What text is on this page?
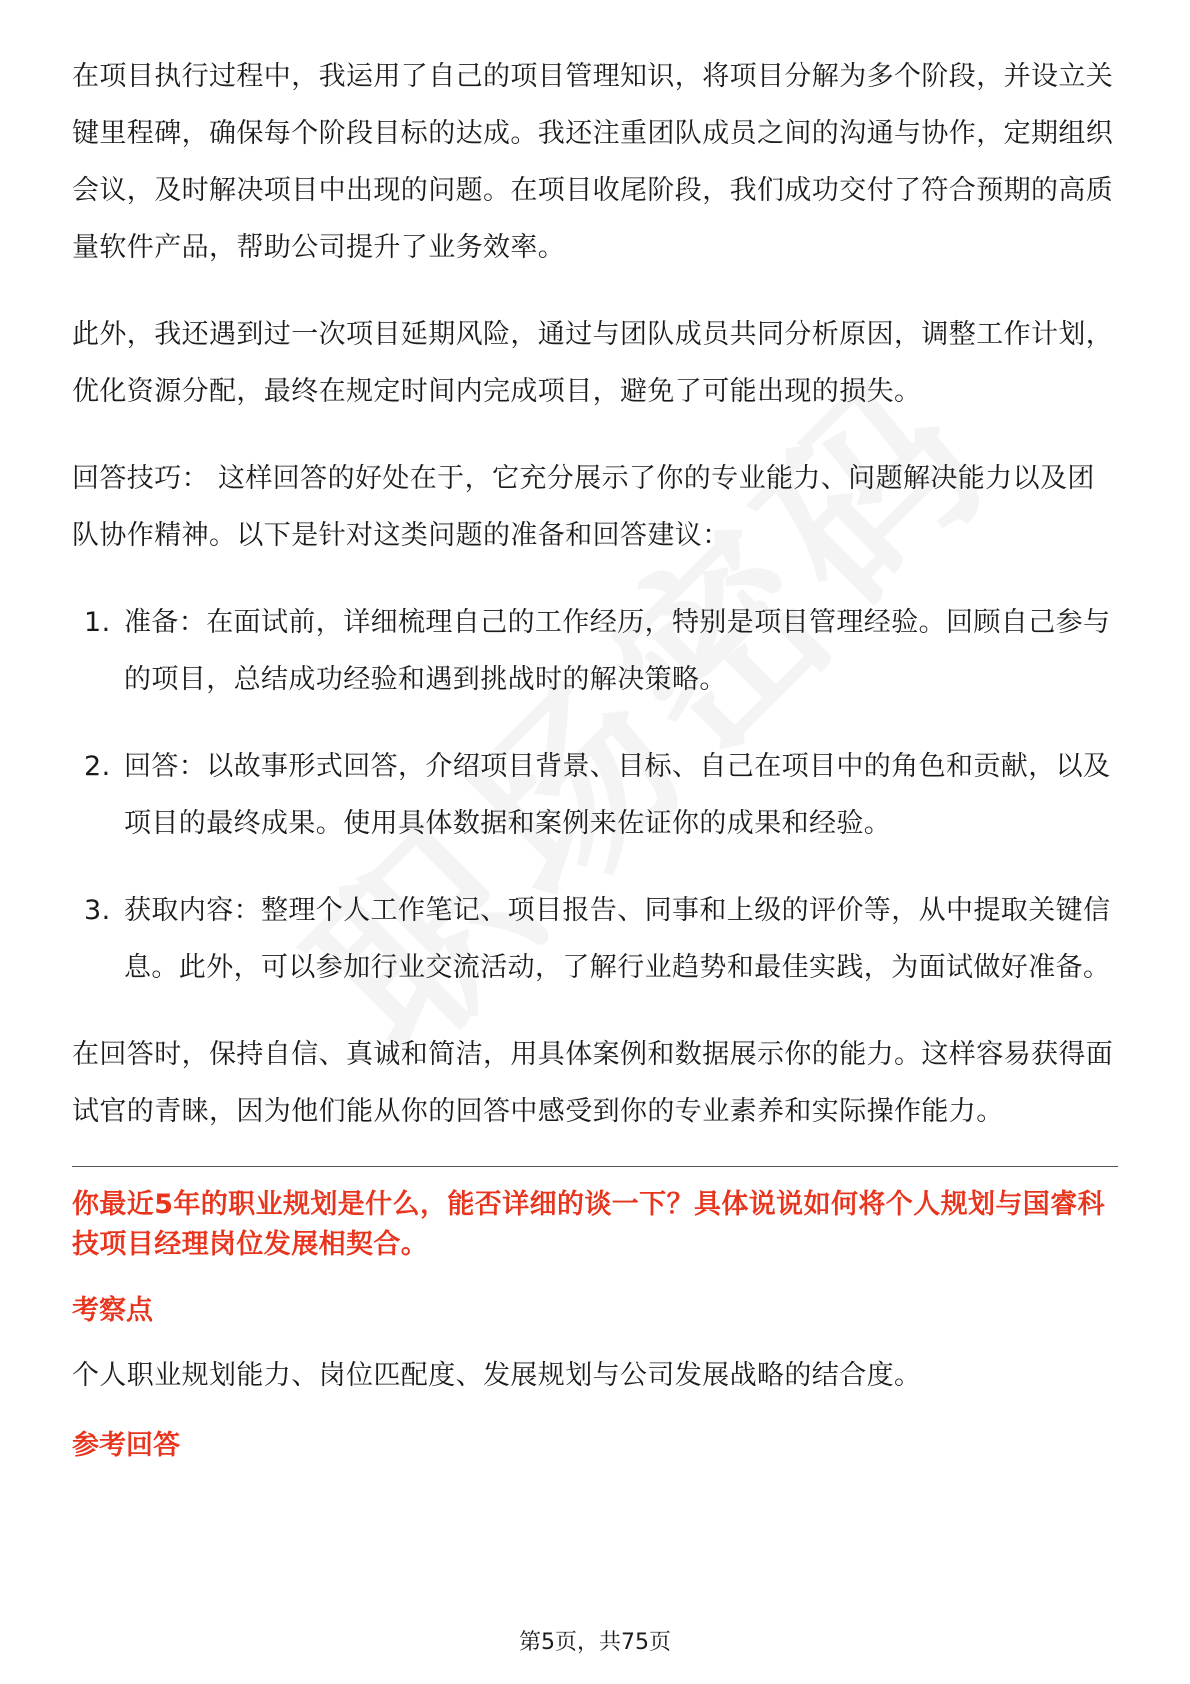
在项目执行过程中，我运用了自己的项目管理知识，将项目分解为多个阶段，并设立关键里程碑，确保每个阶段目标的达成。我还注重团队成员之间的沟通与协作，定期组织会议，及时解决项目中出现的问题。在项目收尾阶段，我们成功交付了符合预期的高质量软件产品，帮助公司提升了业务效率。

此外，我还遇到过一次项目延期风险，通过与团队成员共同分析原因，调整工作计划，优化资源分配，最终在规定时间内完成项目，避免了可能出现的损失。

回答技巧： 这样回答的好处在于，它充分展示了你的专业能力、问题解决能力以及团队协作精神。以下是针对这类问题的准备和回答建议：

1. 准备：在面试前，详细梳理自己的工作经历，特别是项目管理经验。回顾自己参与的项目，总结成功经验和遇到挑战时的解决策略。
2. 回答：以故事形式回答，介绍项目背景、目标、自己在项目中的角色和贡献，以及项目的最终成果。使用具体数据和案例来佐证你的成果和经验。
3. 获取内容：整理个人工作笔记、项目报告、同事和上级的评价等，从中提取关键信息。此外，可以参加行业交流活动，了解行业趋势和最佳实践，为面试做好准备。

在回答时，保持自信、真诚和简洁，用具体案例和数据展示你的能力。这样容易获得面试官的青睐，因为他们能从你的回答中感受到你的专业素养和实际操作能力。

你最近5年的职业规划是什么，能否详细的谈一下？具体说说如何将个人规划与国睿科技项目经理岗位发展相契合。
考察点

个人职业规划能力、岗位匹配度、发展规划与公司发展战略的结合度。

参考回答
第5页，共75页
